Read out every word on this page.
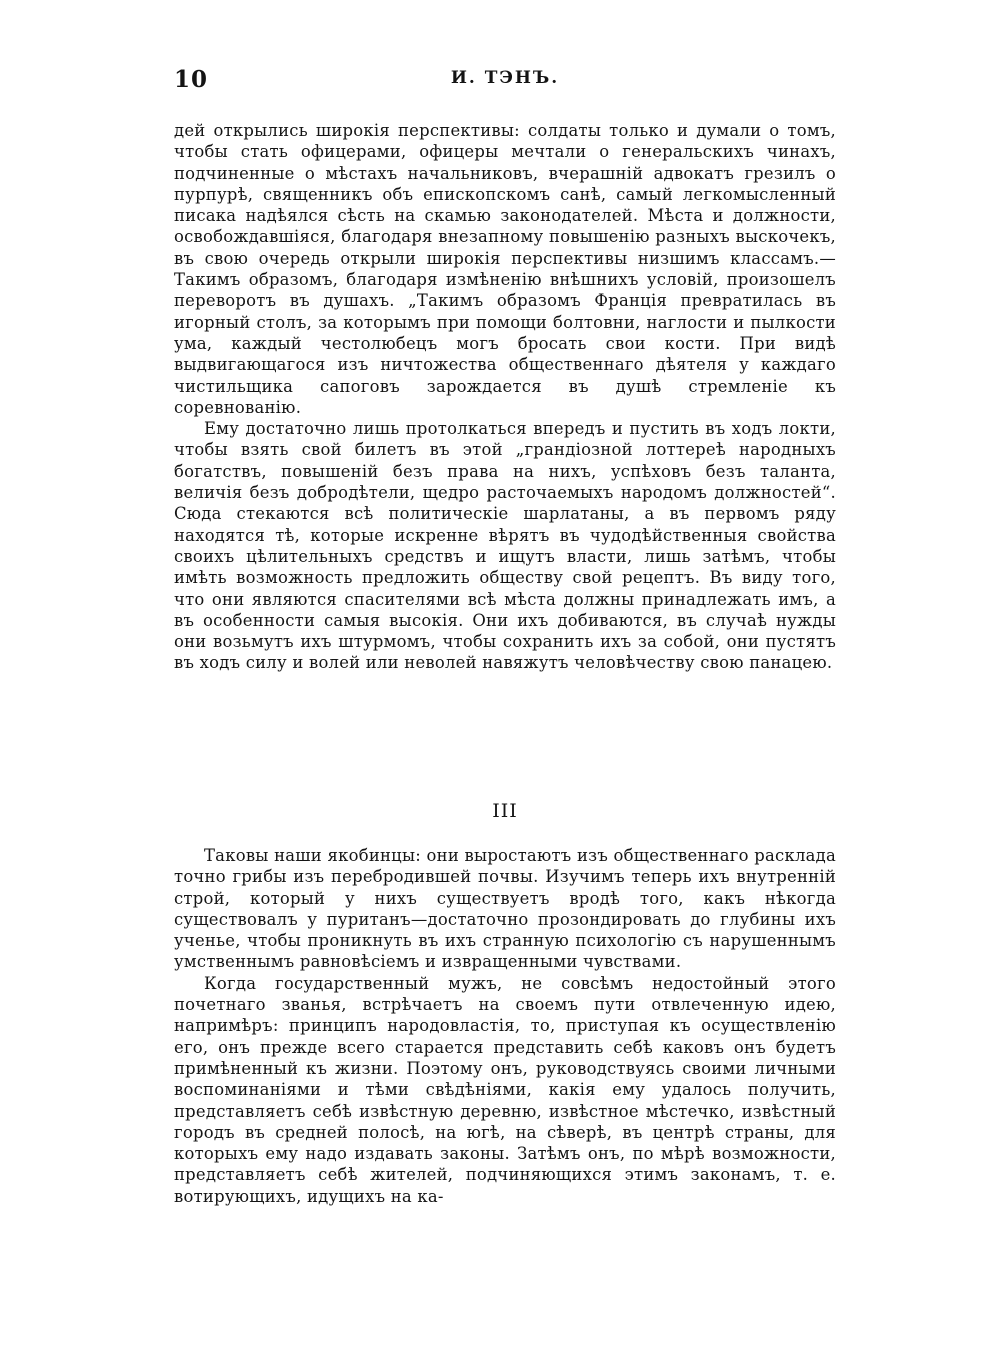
10	И. ТЭНЪ.

дей открылись широкія перспективы: солдаты только и думали о томъ, чтобы стать офицерами, офицеры мечтали о генеральскихъ чинахъ, подчиненные о мѣстахъ начальниковъ, вчерашній адвокатъ грезилъ о пурпурѣ, священникъ объ епископскомъ санѣ, самый легкомысленный писака надѣялся сѣсть на скамью законодателей. Мѣста и должности, освобождавшіяся, благодаря внезапному повышенію разныхъ выскочекъ, въ свою очередь открыли широкія перспективы низшимъ классамъ.—Такимъ образомъ, благодаря измѣненію внѣшнихъ условій, произошелъ переворотъ въ душахъ. „Такимъ образомъ Франція превратилась въ игорный столъ, за которымъ при помощи болтовни, наглости и пылкости ума, каждый честолюбецъ могъ бросать свои кости. При видѣ выдвигающагося изъ ничтожества общественнаго дѣятеля у каждаго чистильщика сапоговъ зарождается въ душѣ стремленіе къ соревнованію.

Ему достаточно лишь протолкаться впередъ и пустить въ ходъ локти, чтобы взять свой билетъ въ этой „грандіозной лоттереѣ народныхъ богатствъ, повышеній безъ права на нихъ, успѣховъ безъ таланта, величія безъ добродѣтели, щедро расточаемыхъ народомъ должностей“. Сюда стекаются всѣ политическіе шарлатаны, а въ первомъ ряду находятся тѣ, которые искренне вѣрятъ въ чудодѣйственныя свойства своихъ цѣлительныхъ средствъ и ищутъ власти, лишь затѣмъ, чтобы имѣть возможность предложить обществу свой рецептъ. Въ виду того, что они являются спасителями всѣ мѣста должны принадлежать имъ, а въ особенности самыя высокія. Они ихъ добиваются, въ случаѣ нужды они возьмутъ ихъ штурмомъ, чтобы сохранить ихъ за собой, они пустятъ въ ходъ силу и волей или неволей навяжутъ человѣчеству свою панацею.

III

Таковы наши якобинцы: они выростаютъ изъ общественнаго расклада точно грибы изъ перебродившей почвы. Изучимъ теперь ихъ внутренній строй, который у нихъ существуетъ вродѣ того, какъ нѣкогда существовалъ у пуританъ—достаточно прозондировать до глубины ихъ ученье, чтобы проникнуть въ ихъ странную психологію съ нарушеннымъ умственнымъ равновѣсіемъ и извращенными чувствами.

Когда государственный мужъ, не совсѣмъ недостойный этого почетнаго званья, встрѣчаетъ на своемъ пути отвлеченную идею, напримѣръ: принципъ народовластія, то, приступая къ осуществленію его, онъ прежде всего старается представить себѣ каковъ онъ будетъ примѣненный къ жизни. Поэтому онъ, руководствуясь своими личными воспоминаніями и тѣми свѣдѣніями, какія ему удалось получить, представляетъ себѣ извѣстную деревню, извѣстное мѣстечко, извѣстный городъ въ средней полосѣ, на югѣ, на сѣверѣ, въ центрѣ страны, для которыхъ ему надо издавать законы. Затѣмъ онъ, по мѣрѣ возможности, представляетъ себѣ жителей, подчиняющихся этимъ законамъ, т. е. вотирующихъ, идущихъ на ка-
